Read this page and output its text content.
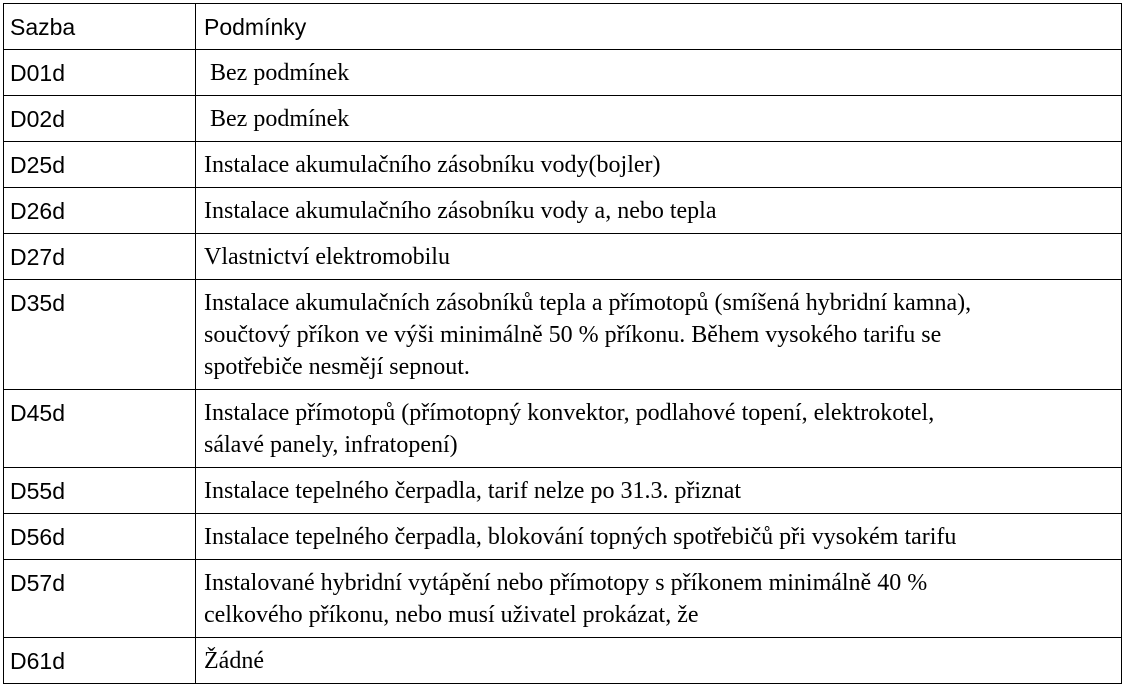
Sazba	Podmínky
D01d	Bez podmínek

D02d	Bez podmínek

D25d	Instalace akumulačního zásobníku vody(bojler)

D26d	Instalace akumulačního zásobníku vody a, nebo tepla

D27d	Vlastnictví elektromobilu

D35d	Instalace akumulačních zásobníků tepla a přímotopů (smíšená hybridní kamna),
součtový příkon ve výši minimálně 50 % příkonu. Během vysokého tarifu se
spotřebiče nesmějí sepnout.

D45d	Instalace přímotopů (přímotopný konvektor, podlahové topení, elektrokotel,
sálavé panely, infratopení)

D55d	Instalace tepelného čerpadla, tarif nelze po 31.3. přiznat

D56d	Instalace tepelného čerpadla, blokování topných spotřebičů při vysokém tarifu

D57d	Instalované hybridní vytápění nebo přímotopy s příkonem minimálně 40 %
celkového příkonu, nebo musí uživatel prokázat, že

D61d	Žádné
